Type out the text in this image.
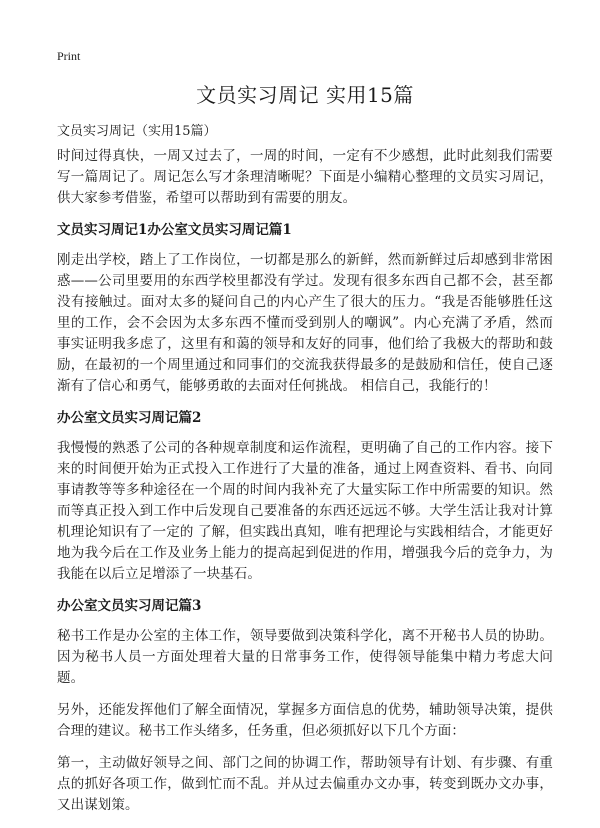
Print
文员实习周记 实用15篇

文员实习周记（实用15篇）

时间过得真快，一周又过去了，一周的时间，一定有不少感想，此时此刻我们需要写一篇周记了。周记怎么写才条理清晰呢？下面是小编精心整理的文员实习周记，供大家参考借鉴，希望可以帮助到有需要的朋友。

文员实习周记1办公室文员实习周记篇1

刚走出学校，踏上了工作岗位，一切都是那么的新鲜，然而新鲜过后却感到非常困惑——公司里要用的东西学校里都没有学过。发现有很多东西自己都不会，甚至都没有接触过。面对太多的疑问自己的内心产生了很大的压力。“我是否能够胜任这里的工作，会不会因为太多东西不懂而受到别人的嘲讽”。内心充满了矛盾，然而事实证明我多虑了，这里有和蔼的领导和友好的同事，他们给了我极大的帮助和鼓励，在最初的一个周里通过和同事们的交流我获得最多的是鼓励和信任，使自己逐渐有了信心和勇气，能够勇敢的去面对任何挑战。 相信自己，我能行的！

办公室文员实习周记篇2

我慢慢的熟悉了公司的各种规章制度和运作流程，更明确了自己的工作内容。接下来的时间便开始为正式投入工作进行了大量的准备，通过上网查资料、看书、向同事请教等等多种途径在一个周的时间内我补充了大量实际工作中所需要的知识。然而等真正投入到工作中后发现自己要准备的东西还远远不够。大学生活让我对计算机理论知识有了一定的 了解，但实践出真知，唯有把理论与实践相结合，才能更好地为我今后在工作及业务上能力的提高起到促进的作用，增强我今后的竞争力，为我能在以后立足增添了一块基石。

办公室文员实习周记篇3

秘书工作是办公室的主体工作，领导要做到决策科学化，离不开秘书人员的协助。因为秘书人员一方面处理着大量的日常事务工作，使得领导能集中精力考虑大问题。

另外，还能发挥他们了解全面情况，掌握多方面信息的优势，辅助领导决策，提供合理的建议。秘书工作头绪多，任务重，但必须抓好以下几个方面：

第一，主动做好领导之间、部门之间的协调工作，帮助领导有计划、有步骤、有重点的抓好各项工作，做到忙而不乱。并从过去偏重办文办事，转变到既办文办事，又出谋划策。
